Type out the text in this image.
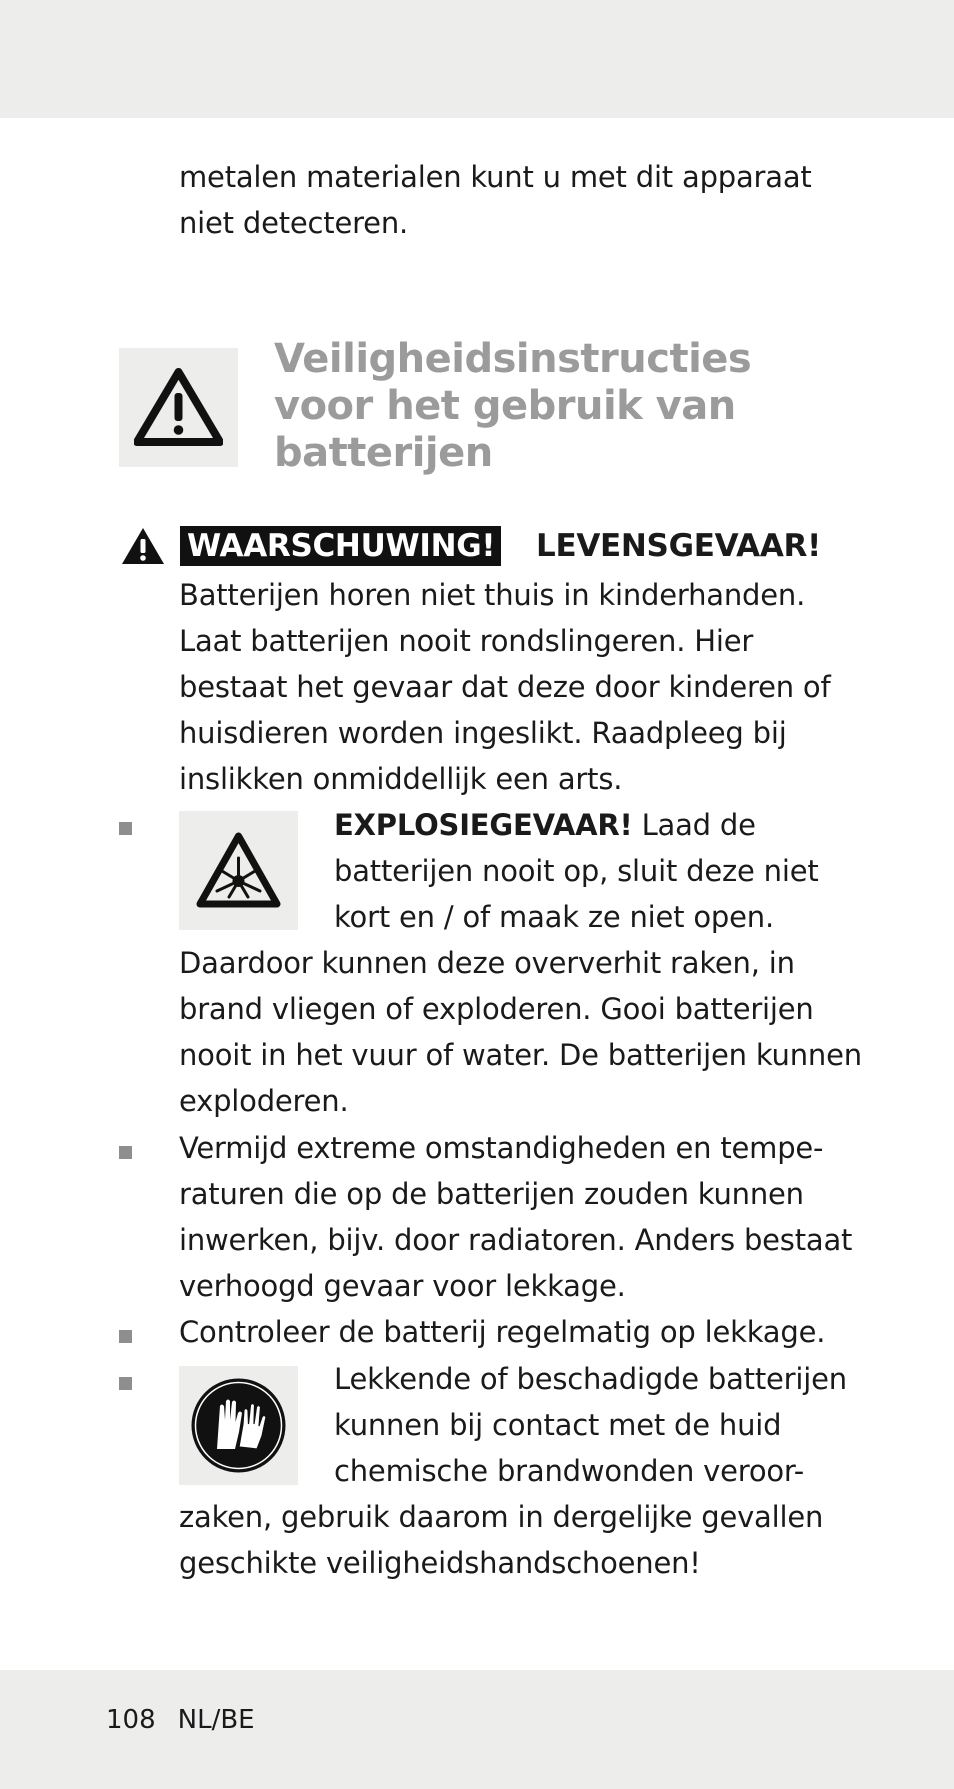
metalen materialen kunt u met dit apparaat
niet detecteren.
Veiligheidsinstructies
voor het gebruik van
batterijen
WAARSCHUWING! LEVENSGEVAAR!
Batterijen horen niet thuis in kinderhanden.
Laat batterijen nooit rondslingeren. Hier
bestaat het gevaar dat deze door kinderen of
huisdieren worden ingeslikt. Raadpleeg bij
inslikken onmiddellijk een arts.
EXPLOSIEGEVAAR! Laad de
batterijen nooit op, sluit deze niet
kort en / of maak ze niet open.
Daardoor kunnen deze oververhit raken, in
brand vliegen of exploderen. Gooi batterijen
nooit in het vuur of water. De batterijen kunnen
exploderen.
Vermijd extreme omstandigheden en tempe-
raturen die op de batterijen zouden kunnen
inwerken, bijv. door radiatoren. Anders bestaat
verhoogd gevaar voor lekkage.
Controleer de batterij regelmatig op lekkage.
Lekkende of beschadigde batterijen
kunnen bij contact met de huid
chemische brandwonden veroor-
zaken, gebruik daarom in dergelijke gevallen
geschikte veiligheidshandschoenen!
108 NL/BE
